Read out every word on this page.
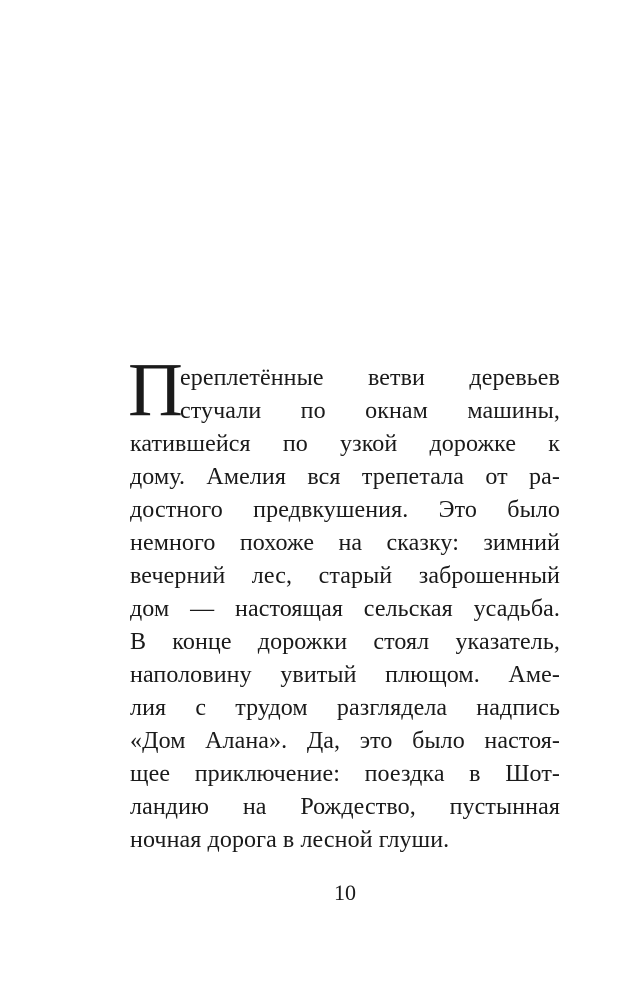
П
ереплетённые ветви деревьев
стучали по окнам машины,
катившейся по узкой дорожке к
дому. Амелия вся трепетала от ра-
достного предвкушения. Это было
немного похоже на сказку: зимний
вечерний лес, старый заброшенный
дом — настоящая сельская усадьба.
В конце дорожки стоял указатель,
наполовину увитый плющом. Аме-
лия с трудом разглядела надпись
«Дом Алана». Да, это было настоя-
щее приключение: поездка в Шот-
ландию на Рождество, пустынная
ночная дорога в лесной глуши.
10
